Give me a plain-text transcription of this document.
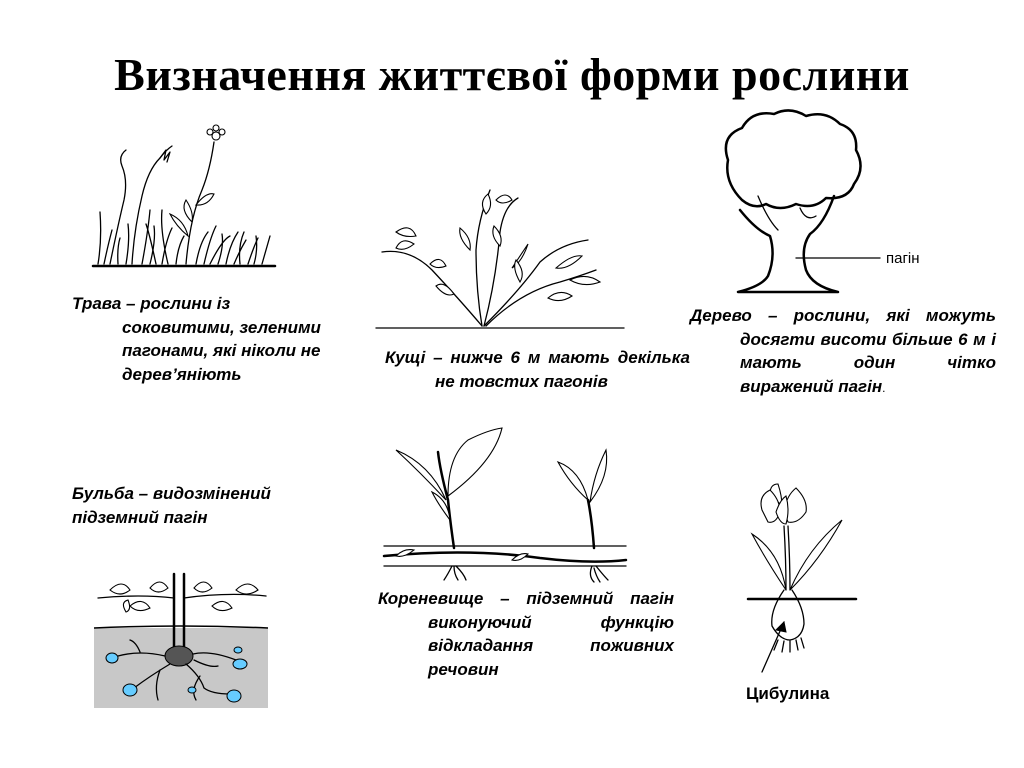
Визначення життєвої форми рослини
Трава – рослини із соковитими, зеленими пагонами, які ніколи не дерев’яніють
Бульба – видозмінений підземний пагін
Кущі – нижче 6 м мають декілька не товстих пагонів
Дерево – рослини, які можуть досягти висоти більше 6 м і мають один чітко виражений пагін.
Кореневище – підземний пагін виконуючий функцію відкладання поживних речовин
Цибулина
пагін
